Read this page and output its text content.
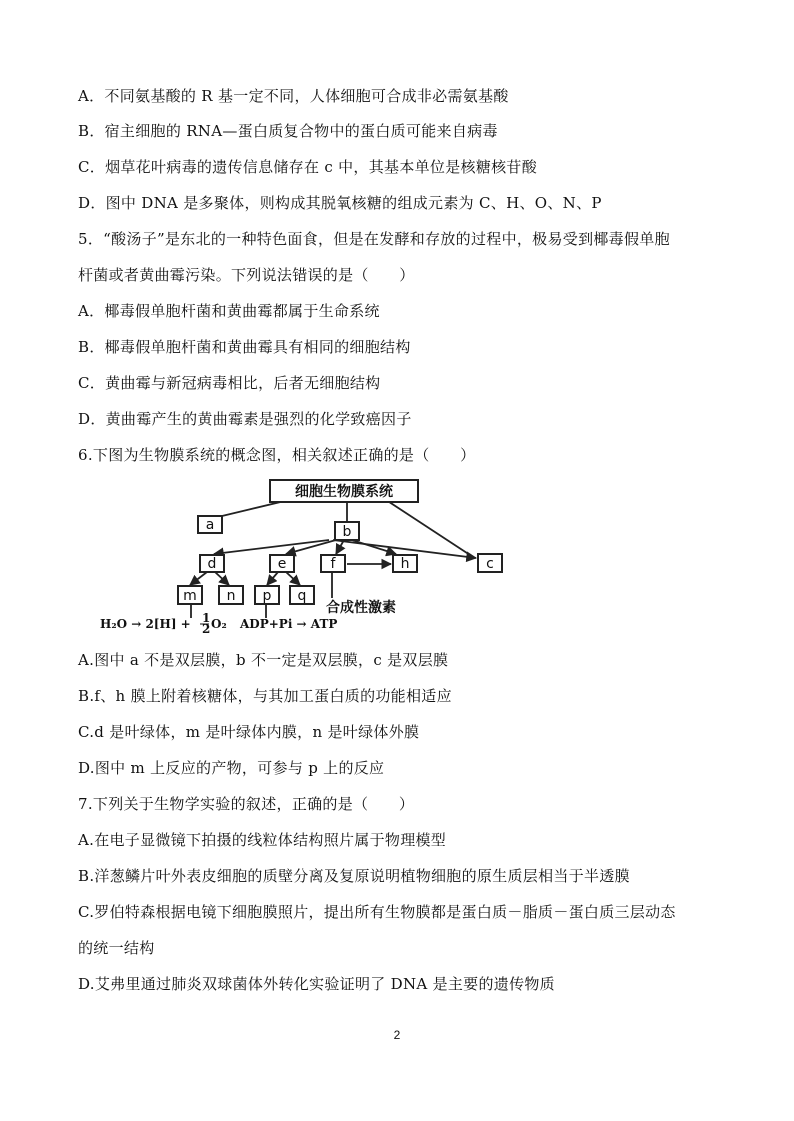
A．不同氨基酸的 R 基一定不同，人体细胞可合成非必需氨基酸
B．宿主细胞的 RNA—蛋白质复合物中的蛋白质可能来自病毒
C．烟草花叶病毒的遗传信息储存在 c 中，其基本单位是核糖核苷酸
D．图中 DNA 是多聚体，则构成其脱氧核糖的组成元素为 C、H、O、N、P
5．“酸汤子”是东北的一种特色面食，但是在发酵和存放的过程中，极易受到椰毒假单胞
杆菌或者黄曲霉污染。下列说法错误的是（　　）
A．椰毒假单胞杆菌和黄曲霉都属于生命系统
B．椰毒假单胞杆菌和黄曲霉具有相同的细胞结构
C．黄曲霉与新冠病毒相比，后者无细胞结构
D．黄曲霉产生的黄曲霉素是强烈的化学致癌因子
6.下图为生物膜系统的概念图，相关叙述正确的是（　　）
细胞生物膜系统
a	b
c
d	e	f	h
m n p q
合成性激素
H₂O → 2[H] + 1
2 O₂ ADP+Pi → ATP
A.图中 a 不是双层膜，b 不一定是双层膜，c 是双层膜
B.f、h 膜上附着核糖体，与其加工蛋白质的功能相适应
C.d 是叶绿体，m 是叶绿体内膜，n 是叶绿体外膜
D.图中 m 上反应的产物，可参与 p 上的反应
7.下列关于生物学实验的叙述，正确的是（　　）
A.在电子显微镜下拍摄的线粒体结构照片属于物理模型
B.洋葱鳞片叶外表皮细胞的质壁分离及复原说明植物细胞的原生质层相当于半透膜
C.罗伯特森根据电镜下细胞膜照片，提出所有生物膜都是蛋白质－脂质－蛋白质三层动态
的统一结构
D.艾弗里通过肺炎双球菌体外转化实验证明了 DNA 是主要的遗传物质
2
